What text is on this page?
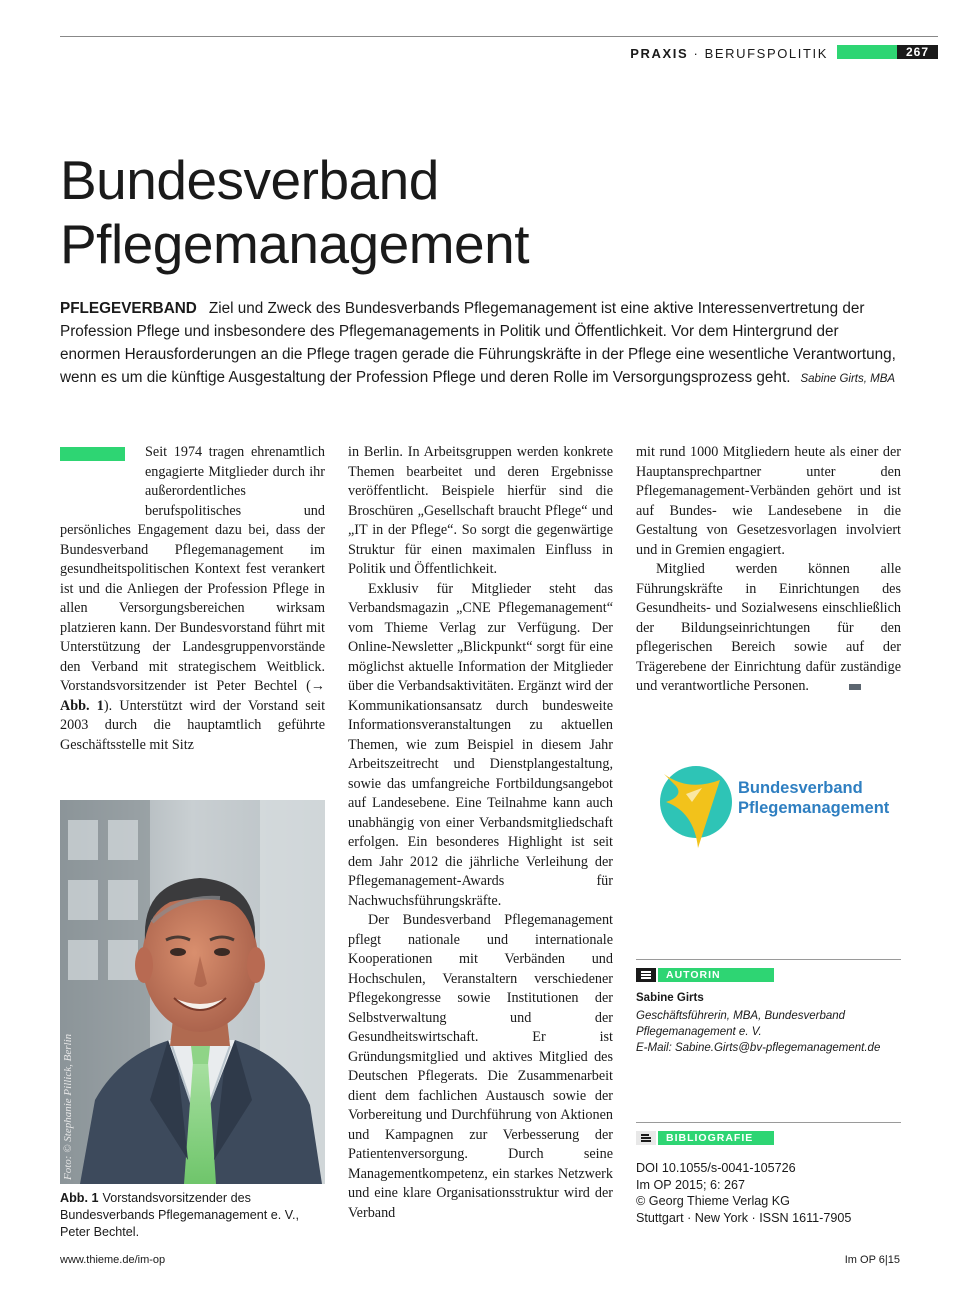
PRAXIS · BERUFSPOLITIK	267
Bundesverband
Pflegemanagement
PFLEGEVERBAND Ziel und Zweck des Bundesverbands Pflegemanagement ist eine aktive Interessenvertretung der Profession Pflege und insbesondere des Pflegemanagements in Politik und Öffentlichkeit. Vor dem Hintergrund der enormen Herausforderungen an die Pflege tragen gerade die Führungskräfte in der Pflege eine wesentliche Verantwortung, wenn es um die künftige Ausgestaltung der Profession Pflege und deren Rolle im Versorgungsprozess geht. Sabine Girts, MBA

Seit 1974 tragen ehrenamtlich engagierte Mitglieder durch ihr außerordentliches berufspolitisches und persönliches Engagement dazu bei, dass der Bundesverband Pflegemanagement im gesundheitspolitischen Kontext fest verankert ist und die Anliegen der Profession Pflege in allen Versorgungsbereichen wirksam platzieren kann. Der Bundesvorstand führt mit Unterstützung der Landesgruppenvorstände den Verband mit strategischem Weitblick. Vorstandsvorsitzender ist Peter Bechtel (→ Abb. 1). Unterstützt wird der Vorstand seit 2003 durch die hauptamtlich geführte Geschäftsstelle mit Sitz

Foto: © Stephanie Pillick, Berlin
Abb. 1 Vorstandsvorsitzender des Bundesverbands Pflegemanagement e. V., Peter Bechtel.

in Berlin. In Arbeitsgruppen werden konkrete Themen bearbeitet und deren Ergebnisse veröffentlicht. Beispiele hierfür sind die Broschüren „Gesellschaft braucht Pflege“ und „IT in der Pflege“. So sorgt die gegenwärtige Struktur für einen maximalen Einfluss in Politik und Öffentlichkeit.

Exklusiv für Mitglieder steht das Verbandsmagazin „CNE Pflegemanagement“ vom Thieme Verlag zur Verfügung. Der Online-Newsletter „Blickpunkt“ sorgt für eine möglichst aktuelle Information der Mitglieder über die Verbandsaktivitäten. Ergänzt wird der Kommunikationsansatz durch bundesweite Informationsveranstaltungen zu aktuellen Themen, wie zum Beispiel in diesem Jahr Arbeitszeitrecht und Dienstplangestaltung, sowie das umfangreiche Fortbildungsangebot auf Landesebene. Eine Teilnahme kann auch unabhängig von einer Verbandsmitgliedschaft erfolgen. Ein besonderes Highlight ist seit dem Jahr 2012 die jährliche Verleihung der Pflegemanagement-Awards für Nachwuchsführungskräfte.

Der Bundesverband Pflegemanagement pflegt nationale und internationale Kooperationen mit Verbänden und Hochschulen, Veranstaltern verschiedener Pflegekongresse sowie Institutionen der Selbstverwaltung und der Gesundheitswirtschaft. Er ist Gründungsmitglied und aktives Mitglied des Deutschen Pflegerats. Die Zusammenarbeit dient dem fachlichen Austausch sowie der Vorbereitung und Durchführung von Aktionen und Kampagnen zur Verbesserung der Patientenversorgung. Durch seine Managementkompetenz, ein starkes Netzwerk und eine klare Organisationsstruktur wird der Verband

mit rund 1000 Mitgliedern heute als einer der Hauptansprechpartner unter den Pflegemanagement-Verbänden gehört und ist auf Bundes- wie Landesebene in die Gestaltung von Gesetzesvorlagen involviert und in Gremien engagiert.

Mitglied werden können alle Führungskräfte in Einrichtungen des Gesundheits- und Sozialwesens einschließlich der Bildungseinrichtungen für den pflegerischen Bereich sowie auf der Trägerebene der Einrichtung dafür zuständige und verantwortliche Personen.

Bundesverband
Pflegemanagement
AUTORIN
Sabine Girts
Geschäftsführerin, MBA, Bundesverband
Pflegemanagement e. V.
E-Mail: Sabine.Girts@bv-pflegemanagement.de
BIBLIOGRAFIE
DOI 10.1055/s-0041-105726
Im OP 2015; 6: 267
© Georg Thieme Verlag KG
Stuttgart · New York · ISSN 1611-7905
www.thieme.de/im-op	Im OP 6|15
